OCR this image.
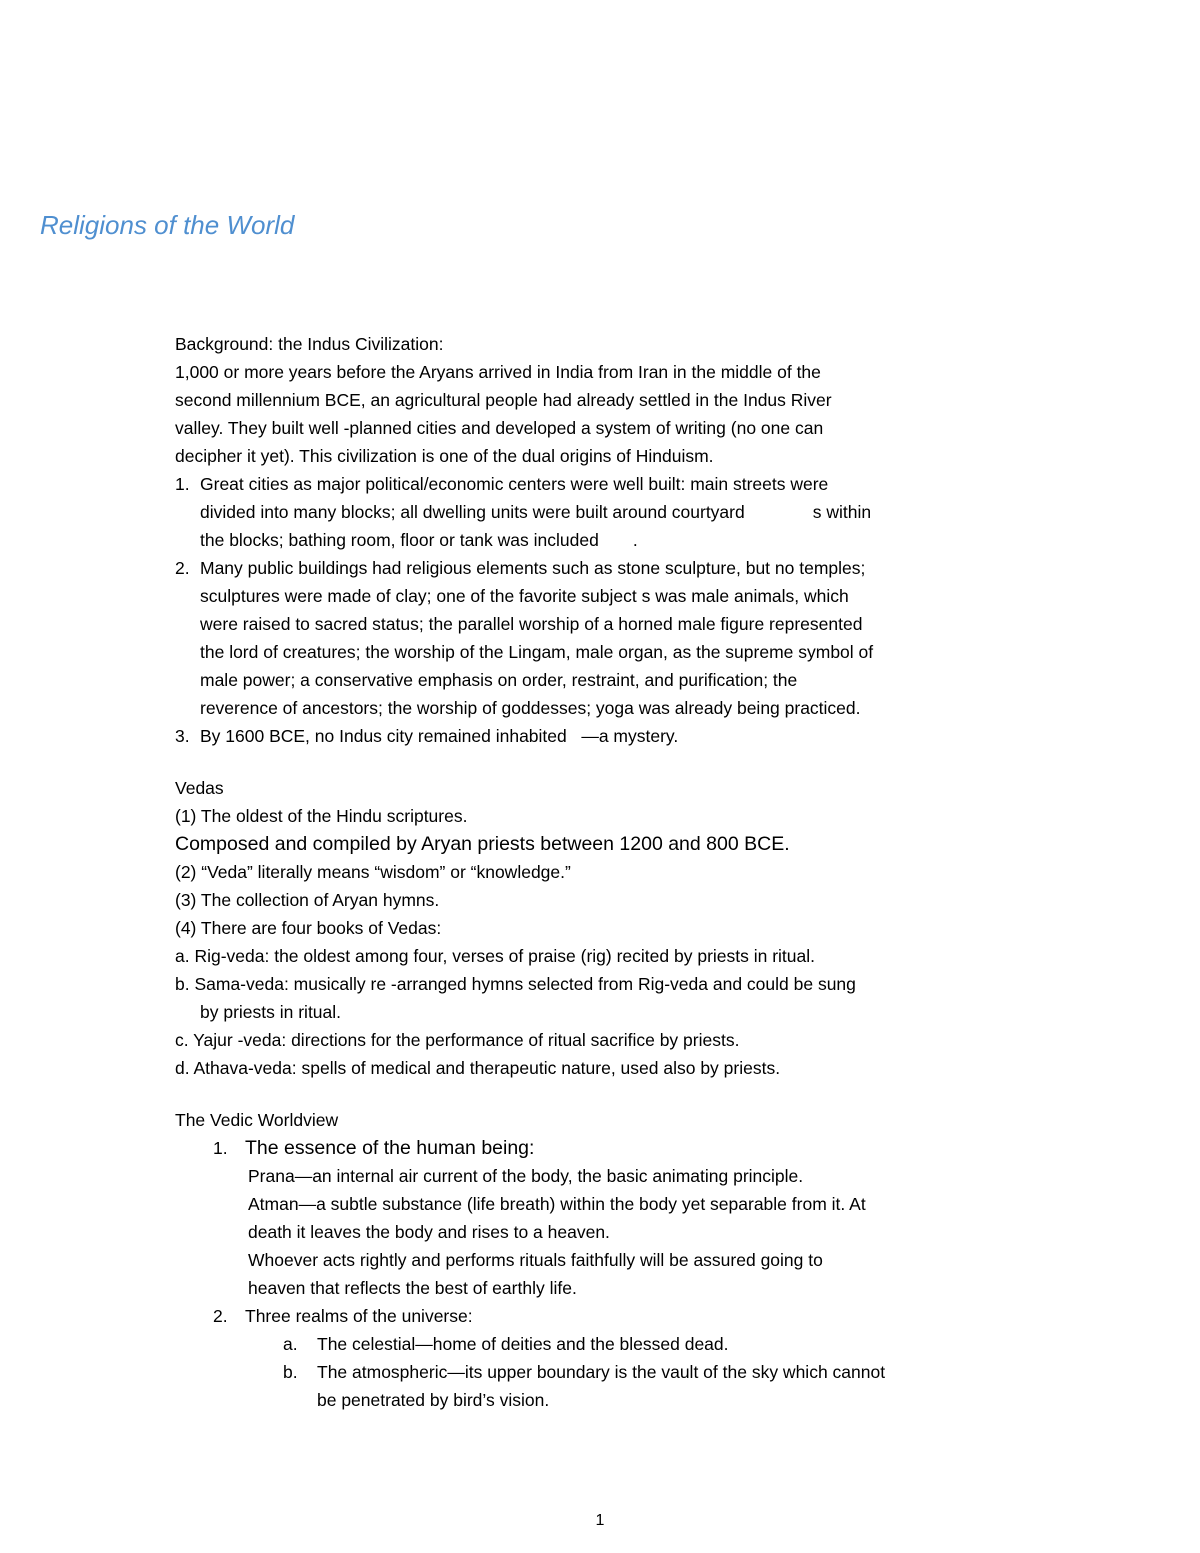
Religions of the World
Background: the Indus Civilization:
1,000 or more years before the Aryans arrived in India from Iran in the middle of the
second millennium BCE, an agricultural people had already settled in the Indus River
valley. They built well -planned cities and developed a system of writing (no one can
decipher it yet). This civilization is one of the dual origins of Hinduism.
1. Great cities as major political/economic centers were well built: main streets were
divided into many blocks; all dwelling units were built around courtyard              s within
the blocks; bathing room, floor or tank was included       .
2. Many public buildings had religious elements such as stone sculpture, but no temples;
sculptures were made of clay; one of the favorite subject s was male animals, which
were raised to sacred status; the parallel worship of a horned male figure represented
the lord of creatures; the worship of the Lingam, male organ, as the supreme symbol of
male power; a conservative emphasis on order, restraint, and purification; the
reverence of ancestors; the worship of goddesses; yoga was already being practiced.
3. By 1600 BCE, no Indus city remained inhabited   —a mystery.
Vedas
(1) The oldest of the Hindu scriptures.
Composed and compiled by Aryan priests between 1200 and 800 BCE.
(2) “Veda” literally means “wisdom” or “knowledge.”
(3) The collection of Aryan hymns.
(4) There are four books of Vedas:
a. Rig-veda: the oldest among four, verses of praise (rig) recited by priests in ritual.
b. Sama-veda: musically re -arranged hymns selected from Rig-veda and could be sung
by priests in ritual.
c. Yajur -veda: directions for the performance of ritual sacrifice by priests.
d. Athava-veda: spells of medical and therapeutic nature, used also by priests.
The Vedic Worldview
1. The essence of the human being:
Prana—an internal air current of the body, the basic animating principle.
Atman—a subtle substance (life breath) within the body yet separable from it. At
death it leaves the body and rises to a heaven.
Whoever acts rightly and performs rituals faithfully will be assured going to
heaven that reflects the best of earthly life.
2. Three realms of the universe:
a. The celestial—home of deities and the blessed dead.
b. The atmospheric—its upper boundary is the vault of the sky which cannot
be penetrated by bird’s vision.
1
